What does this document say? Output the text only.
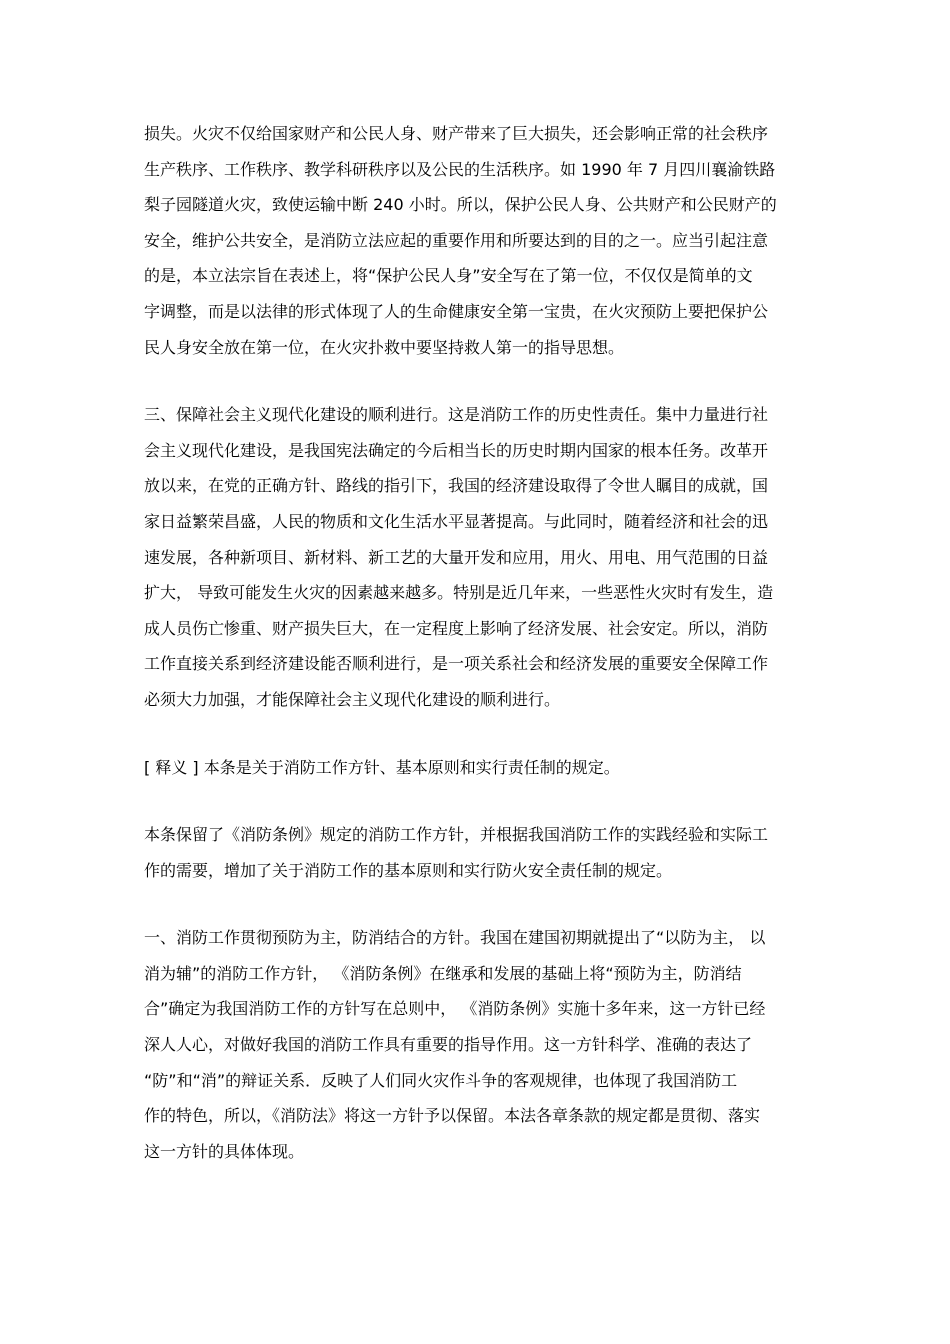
损失。火灾不仅给国家财产和公民人身、财产带来了巨大损失，还会影响正常的社会秩序
生产秩序、工作秩序、教学科研秩序以及公民的生活秩序。如 1990 年 7 月四川襄渝铁路
梨子园隧道火灾，致使运输中断 240 小时。所以，保护公民人身、公共财产和公民财产的
安全，维护公共安全，是消防立法应起的重要作用和所要达到的目的之一。应当引起注意
的是，本立法宗旨在表述上，将“保护公民人身”安全写在了第一位，不仅仅是简单的文
字调整，而是以法律的形式体现了人的生命健康安全第一宝贵，在火灾预防上要把保护公
民人身安全放在第一位，在火灾扑救中要坚持救人第一的指导思想。
三、保障社会主义现代化建设的顺利进行。这是消防工作的历史性责任。集中力量进行社
会主义现代化建设，是我国宪法确定的今后相当长的历史时期内国家的根本任务。改革开
放以来，在党的正确方针、路线的指引下，我国的经济建设取得了令世人瞩目的成就，国
家日益繁荣昌盛，人民的物质和文化生活水平显著提高。与此同时，随着经济和社会的迅
速发展，各种新项目、新材料、新工艺的大量开发和应用，用火、用电、用气范围的日益
扩大， 导致可能发生火灾的因素越来越多。特别是近几年来，一些恶性火灾时有发生，造
成人员伤亡惨重、财产损失巨大，在一定程度上影响了经济发展、社会安定。所以，消防
工作直接关系到经济建设能否顺利进行，是一项关系社会和经济发展的重要安全保障工作
必须大力加强，才能保障社会主义现代化建设的顺利进行。
[ 释义 ] 本条是关于消防工作方针、基本原则和实行责任制的规定。
本条保留了《消防条例》规定的消防工作方针，并根据我国消防工作的实践经验和实际工
作的需要，增加了关于消防工作的基本原则和实行防火安全责任制的规定。
一、消防工作贯彻预防为主，防消结合的方针。我国在建国初期就提出了“以防为主， 以
消为辅”的消防工作方针， 《消防条例》在继承和发展的基础上将“预防为主，防消结
合”确定为我国消防工作的方针写在总则中， 《消防条例》实施十多年来，这一方针已经
深人人心，对做好我国的消防工作具有重要的指导作用。这一方针科学、准确的表达了
“防”和“消”的辩证关系．反映了人们同火灾作斗争的客观规律，也体现了我国消防工
作的特色，所以，《消防法》将这一方针予以保留。本法各章条款的规定都是贯彻、落实
这一方针的具体体现。
